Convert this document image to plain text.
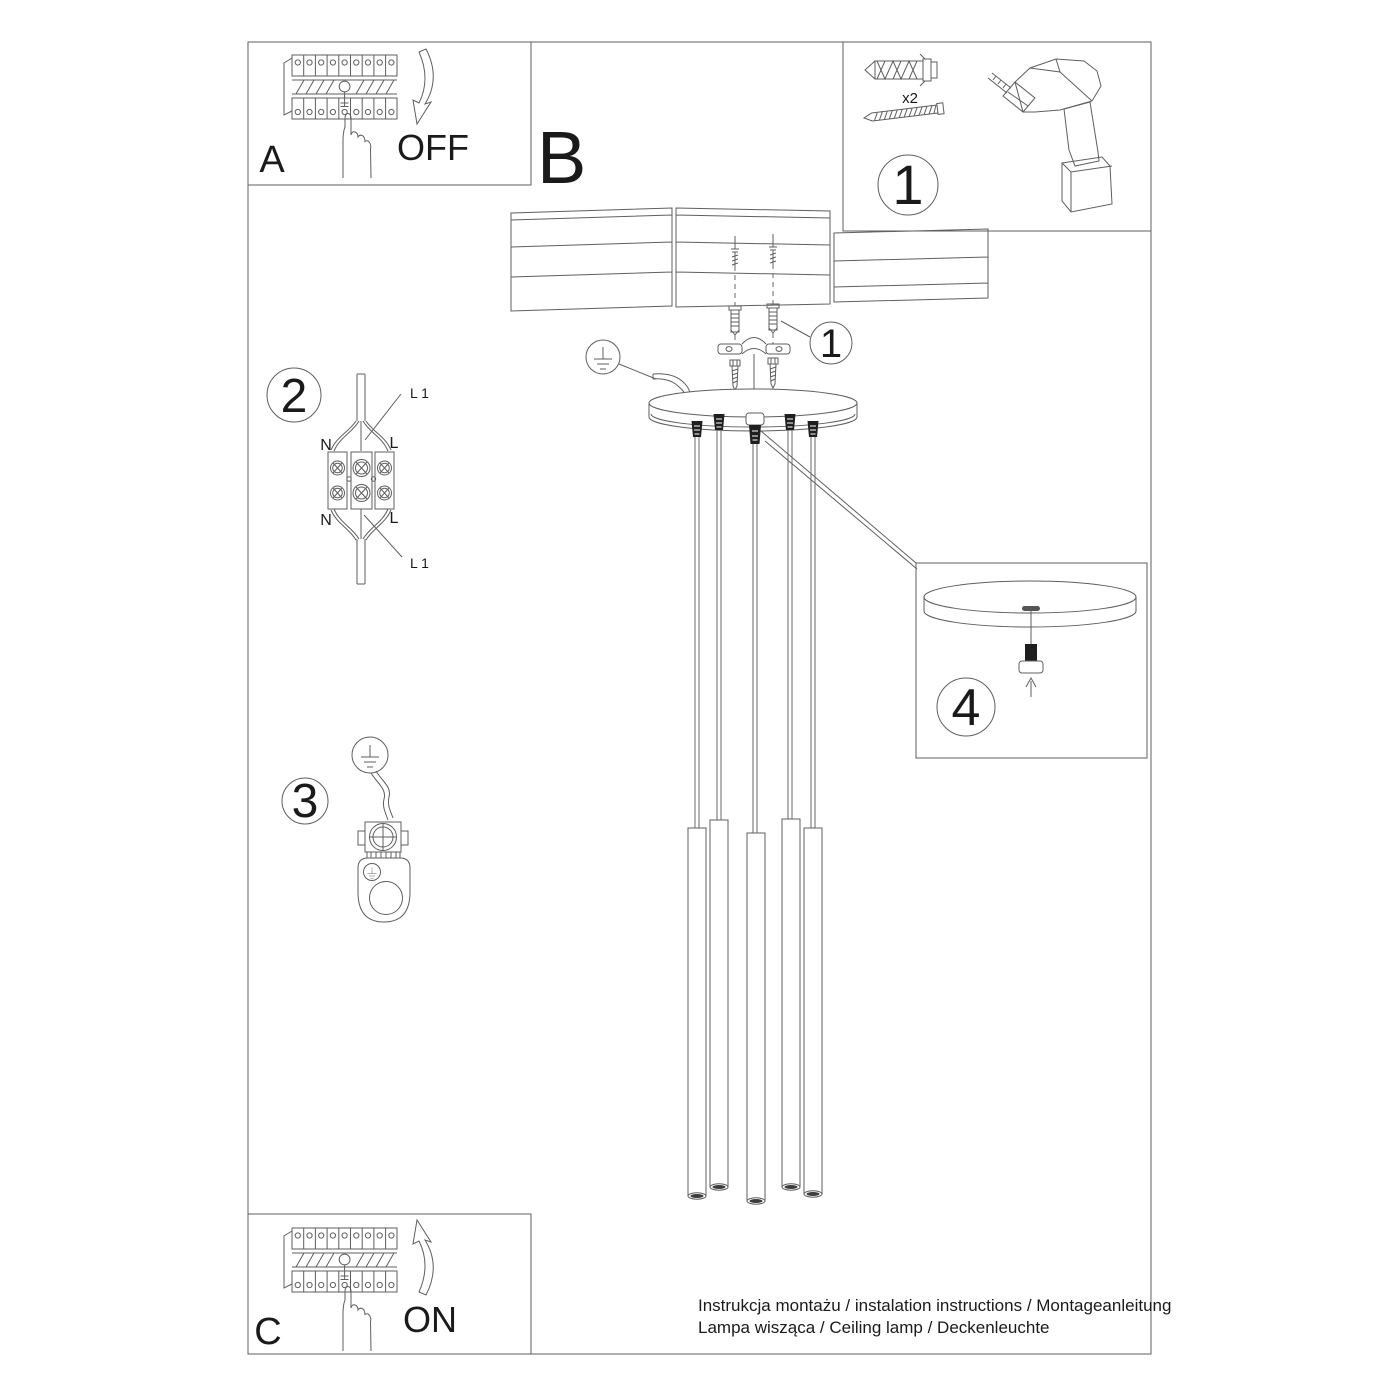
A	OFF B
x2
1
2	L 1
N	L
N	L
L 1
3
1
4
C	ON	Instrukcja montażu / instalation instructions / Montageanleitung
Lampa wisząca / Ceiling lamp / Deckenleuchte
